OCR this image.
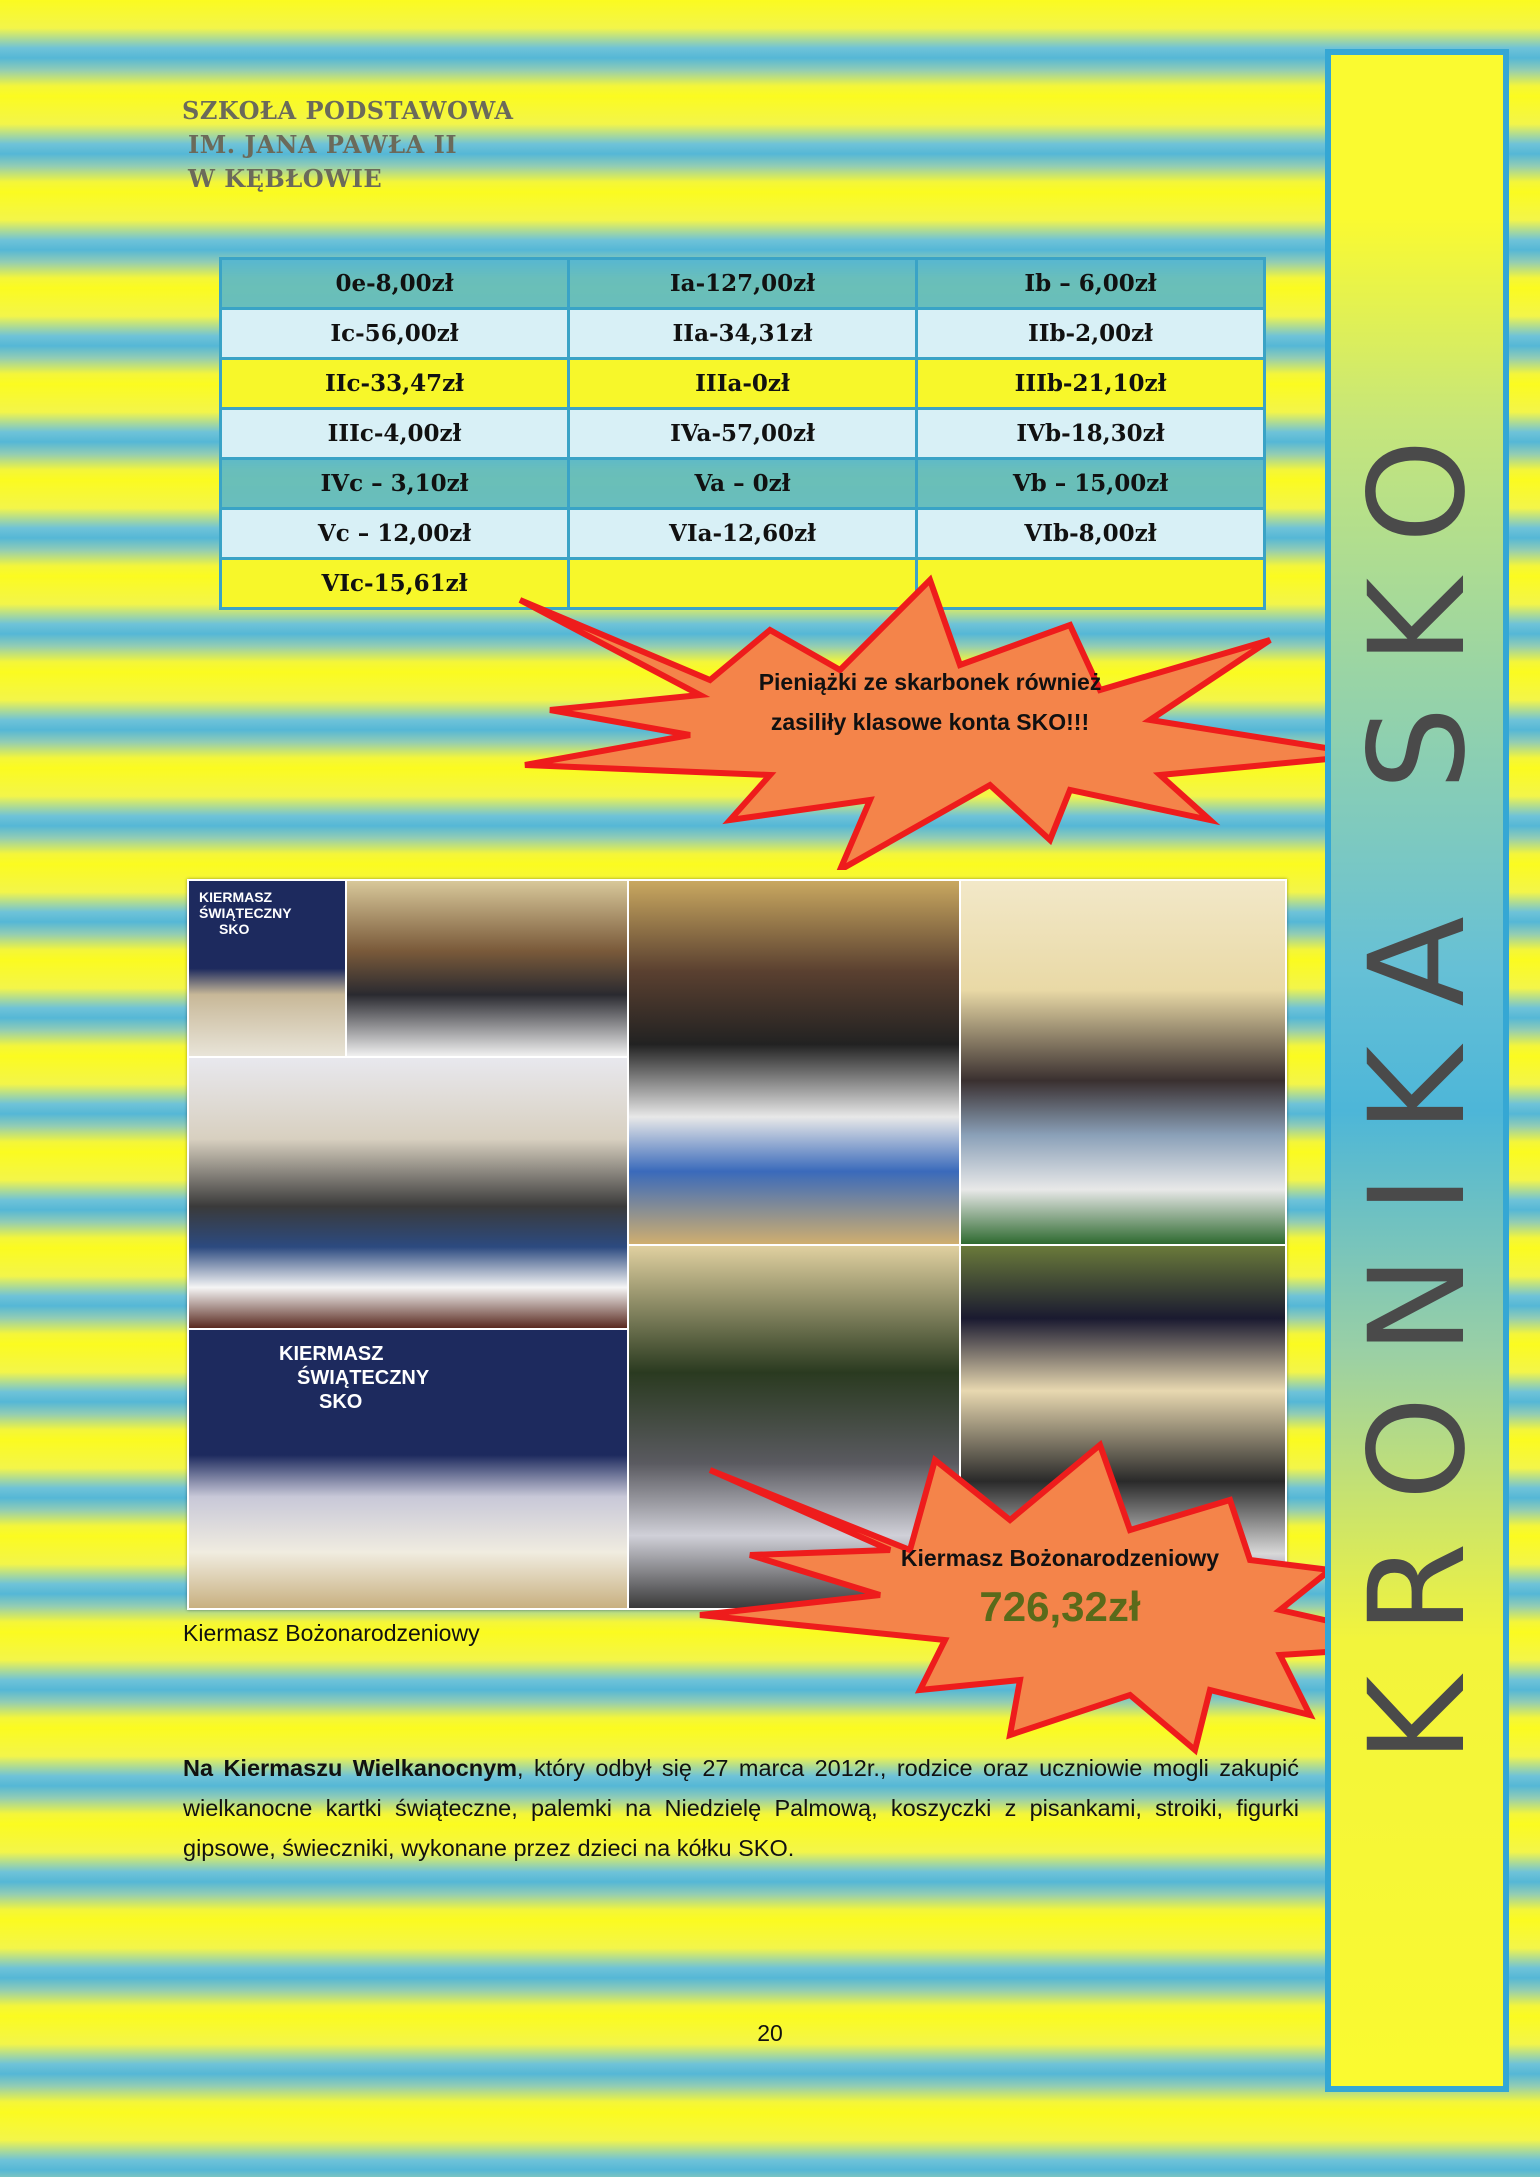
SZKOŁA PODSTAWOWA
IM. JANA PAWŁA II
W KĘBŁOWIE
0e-8,00zł	Ia-127,00zł	Ib – 6,00zł
Ic-56,00zł	IIa-34,31zł	IIb-2,00zł
IIc-33,47zł	IIIa-0zł	IIIb-21,10zł
IIIc-4,00zł	IVa-57,00zł	IVb-18,30zł
IVc – 3,10zł	Va – 0zł	Vb – 15,00zł
Vc – 12,00zł	VIa-12,60zł	VIb-8,00zł
VIc-15,61zł		
Pieniążki ze skarbonek również
zasiliły klasowe konta SKO!!!
KIERMASZ
ŚWIĄTECZNY
SKO
KIERMASZ
ŚWIĄTECZNY
SKO
Kiermasz Bożonarodzeniowy
726,32zł
Kiermasz Bożonarodzeniowy
Na Kiermaszu Wielkanocnym, który odbył się 27 marca 2012r., rodzice oraz uczniowie mogli zakupić wielkanocne kartki świąteczne, palemki na Niedzielę Palmową, koszyczki z pisankami, stroiki, figurki gipsowe, świeczniki, wykonane przez dzieci na kółku SKO.
20
KRONIKA SKO
